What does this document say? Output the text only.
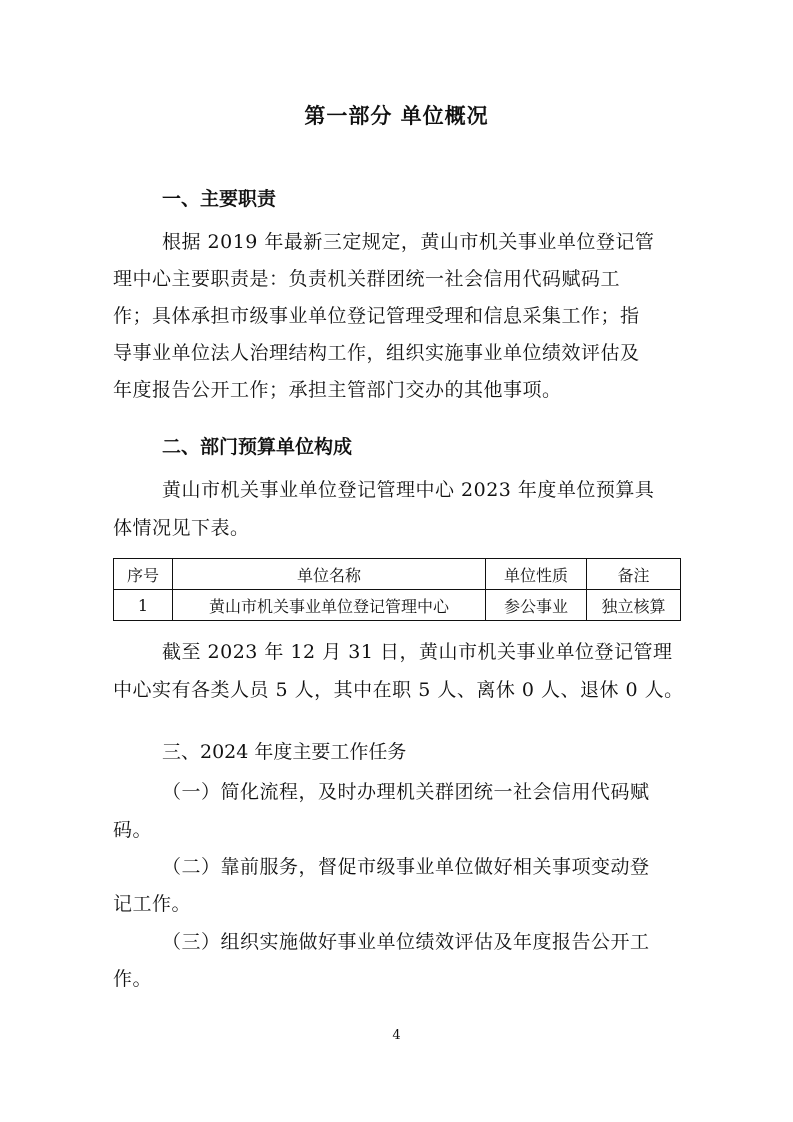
第一部分 单位概况
一、主要职责
根据 2019 年最新三定规定，黄山市机关事业单位登记管
理中心主要职责是：负责机关群团统一社会信用代码赋码工
作；具体承担市级事业单位登记管理受理和信息采集工作；指
导事业单位法人治理结构工作，组织实施事业单位绩效评估及
年度报告公开工作；承担主管部门交办的其他事项。
二、部门预算单位构成
黄山市机关事业单位登记管理中心 2023 年度单位预算具
体情况见下表。
序号	单位名称	单位性质	备注
1	黄山市机关事业单位登记管理中心	参公事业	独立核算
截至 2023 年 12 月 31 日，黄山市机关事业单位登记管理
中心实有各类人员 5 人，其中在职 5 人、离休 0 人、退休 0 人。
三、2024 年度主要工作任务
（一）简化流程，及时办理机关群团统一社会信用代码赋
码。
（二）靠前服务，督促市级事业单位做好相关事项变动登
记工作。
（三）组织实施做好事业单位绩效评估及年度报告公开工
作。
4
